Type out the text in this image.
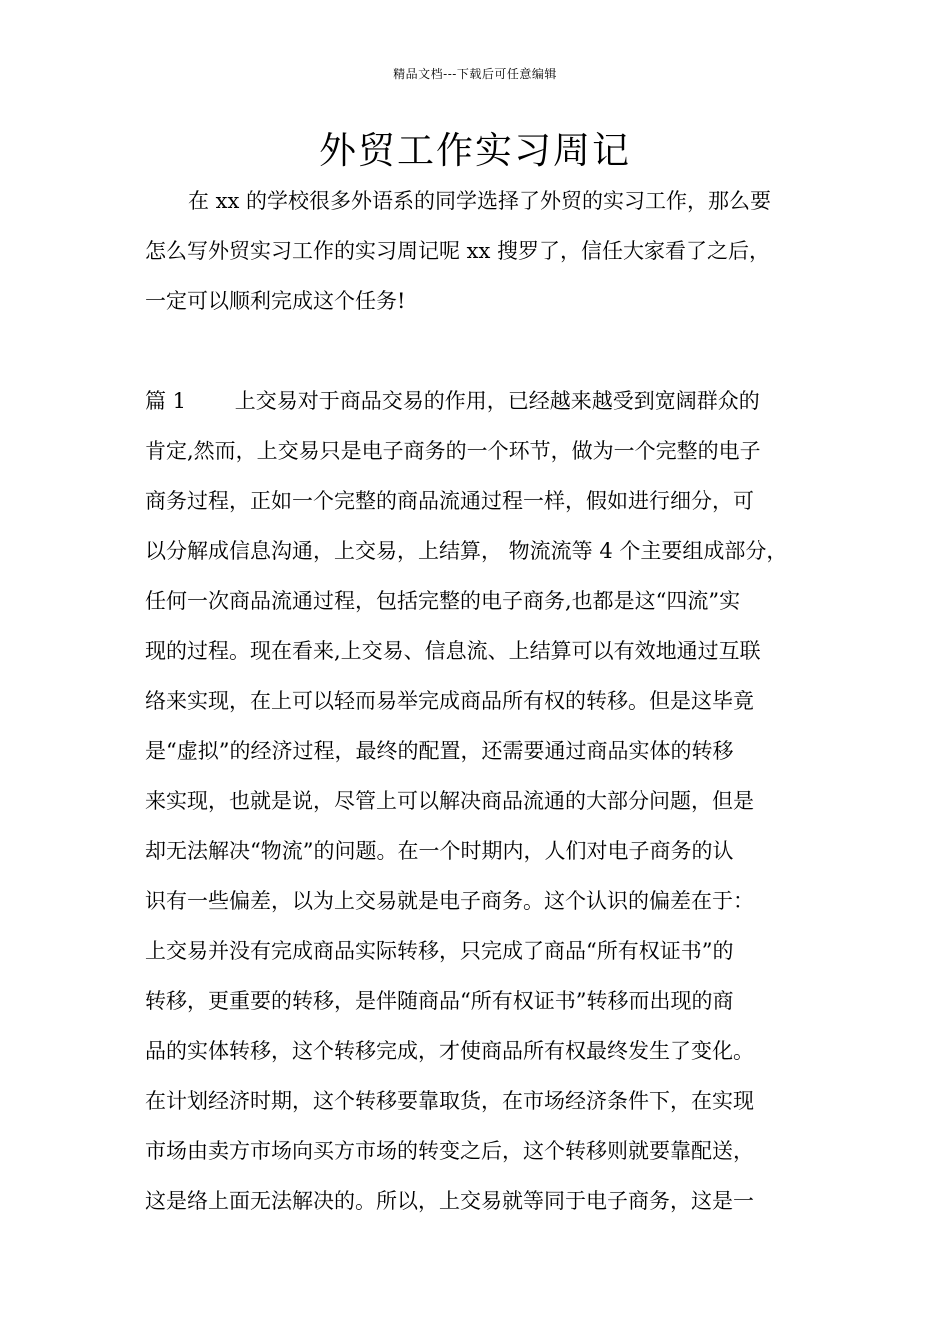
精品文档---下载后可任意编辑
外贸工作实习周记
在 xx 的学校很多外语系的同学选择了外贸的实习工作，那么要
怎么写外贸实习工作的实习周记呢 xx 搜罗了，信任大家看了之后，
一定可以顺利完成这个任务!
篇 1　　 上交易对于商品交易的作用，已经越来越受到宽阔群众的
肯定,然而，上交易只是电子商务的一个环节，做为一个完整的电子
商务过程，正如一个完整的商品流通过程一样，假如进行细分，可
以分解成信息沟通，上交易，上结算， 物流流等 4 个主要组成部分，
任何一次商品流通过程，包括完整的电子商务,也都是这“四流”实
现的过程。现在看来,上交易、信息流、上结算可以有效地通过互联
络来实现，在上可以轻而易举完成商品所有权的转移。但是这毕竟
是“虚拟”的经济过程，最终的配置，还需要通过商品实体的转移
来实现，也就是说，尽管上可以解决商品流通的大部分问题，但是
却无法解决“物流”的问题。在一个时期内，人们对电子商务的认
识有一些偏差，以为上交易就是电子商务。这个认识的偏差在于：
上交易并没有完成商品实际转移，只完成了商品“所有权证书”的
转移，更重要的转移，是伴随商品“所有权证书”转移而出现的商
品的实体转移，这个转移完成，才使商品所有权最终发生了变化。
在计划经济时期，这个转移要靠取货，在市场经济条件下，在实现
市场由卖方市场向买方市场的转变之后，这个转移则就要靠配送，
这是络上面无法解决的。所以，上交易就等同于电子商务，这是一
